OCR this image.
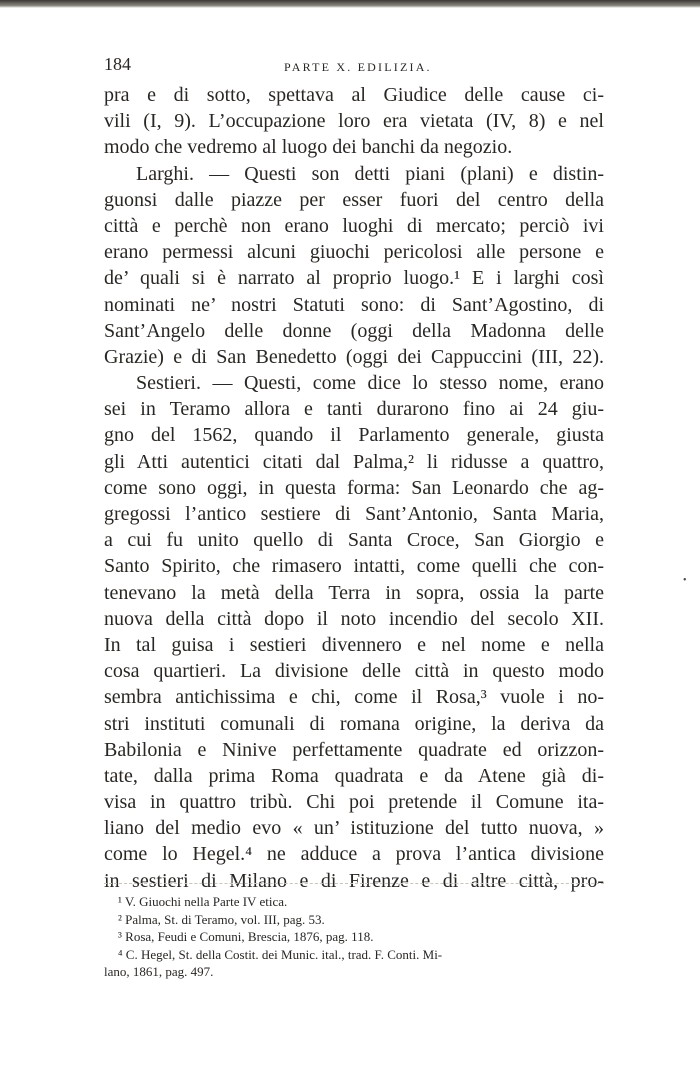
184	PARTE X. EDILIZIA.
pra e di sotto, spettava al Giudice delle cause ci-
vili (I, 9). L’occupazione loro era vietata (IV, 8) e nel
modo che vedremo al luogo dei banchi da negozio.
Larghi. — Questi son detti piani (plani) e distin-
guonsi dalle piazze per esser fuori del centro della
città e perchè non erano luoghi di mercato; perciò ivi
erano permessi alcuni giuochi pericolosi alle persone e
de’ quali si è narrato al proprio luogo.¹ E i larghi così
nominati ne’ nostri Statuti sono: di Sant’Agostino, di
Sant’Angelo delle donne (oggi della Madonna delle
Grazie) e di San Benedetto (oggi dei Cappuccini (III, 22).
Sestieri. — Questi, come dice lo stesso nome, erano
sei in Teramo allora e tanti durarono fino ai 24 giu-
gno del 1562, quando il Parlamento generale, giusta
gli Atti autentici citati dal Palma,² li ridusse a quattro,
come sono oggi, in questa forma: San Leonardo che ag-
gregossi l’antico sestiere di Sant’Antonio, Santa Maria,
a cui fu unito quello di Santa Croce, San Giorgio e
Santo Spirito, che rimasero intatti, come quelli che con-
tenevano la metà della Terra in sopra, ossia la parte
nuova della città dopo il noto incendio del secolo XII.
In tal guisa i sestieri divennero e nel nome e nella
cosa quartieri. La divisione delle città in questo modo
sembra antichissima e chi, come il Rosa,³ vuole i no-
stri instituti comunali di romana origine, la deriva da
Babilonia e Ninive perfettamente quadrate ed orizzon-
tate, dalla prima Roma quadrata e da Atene già di-
visa in quattro tribù. Chi poi pretende il Comune ita-
liano del medio evo « un’ istituzione del tutto nuova, »
come lo Hegel.⁴ ne adduce a prova l’antica divisione
in sestieri di Milano e di Firenze e di altre città, pro-
¹ V. Giuochi nella Parte IV etica.
² Palma, St. di Teramo, vol. III, pag. 53.
³ Rosa, Feudi e Comuni, Brescia, 1876, pag. 118.
⁴ C. Hegel, St. della Costit. dei Munic. ital., trad. F. Conti. Mi-
lano, 1861, pag. 497.
•
